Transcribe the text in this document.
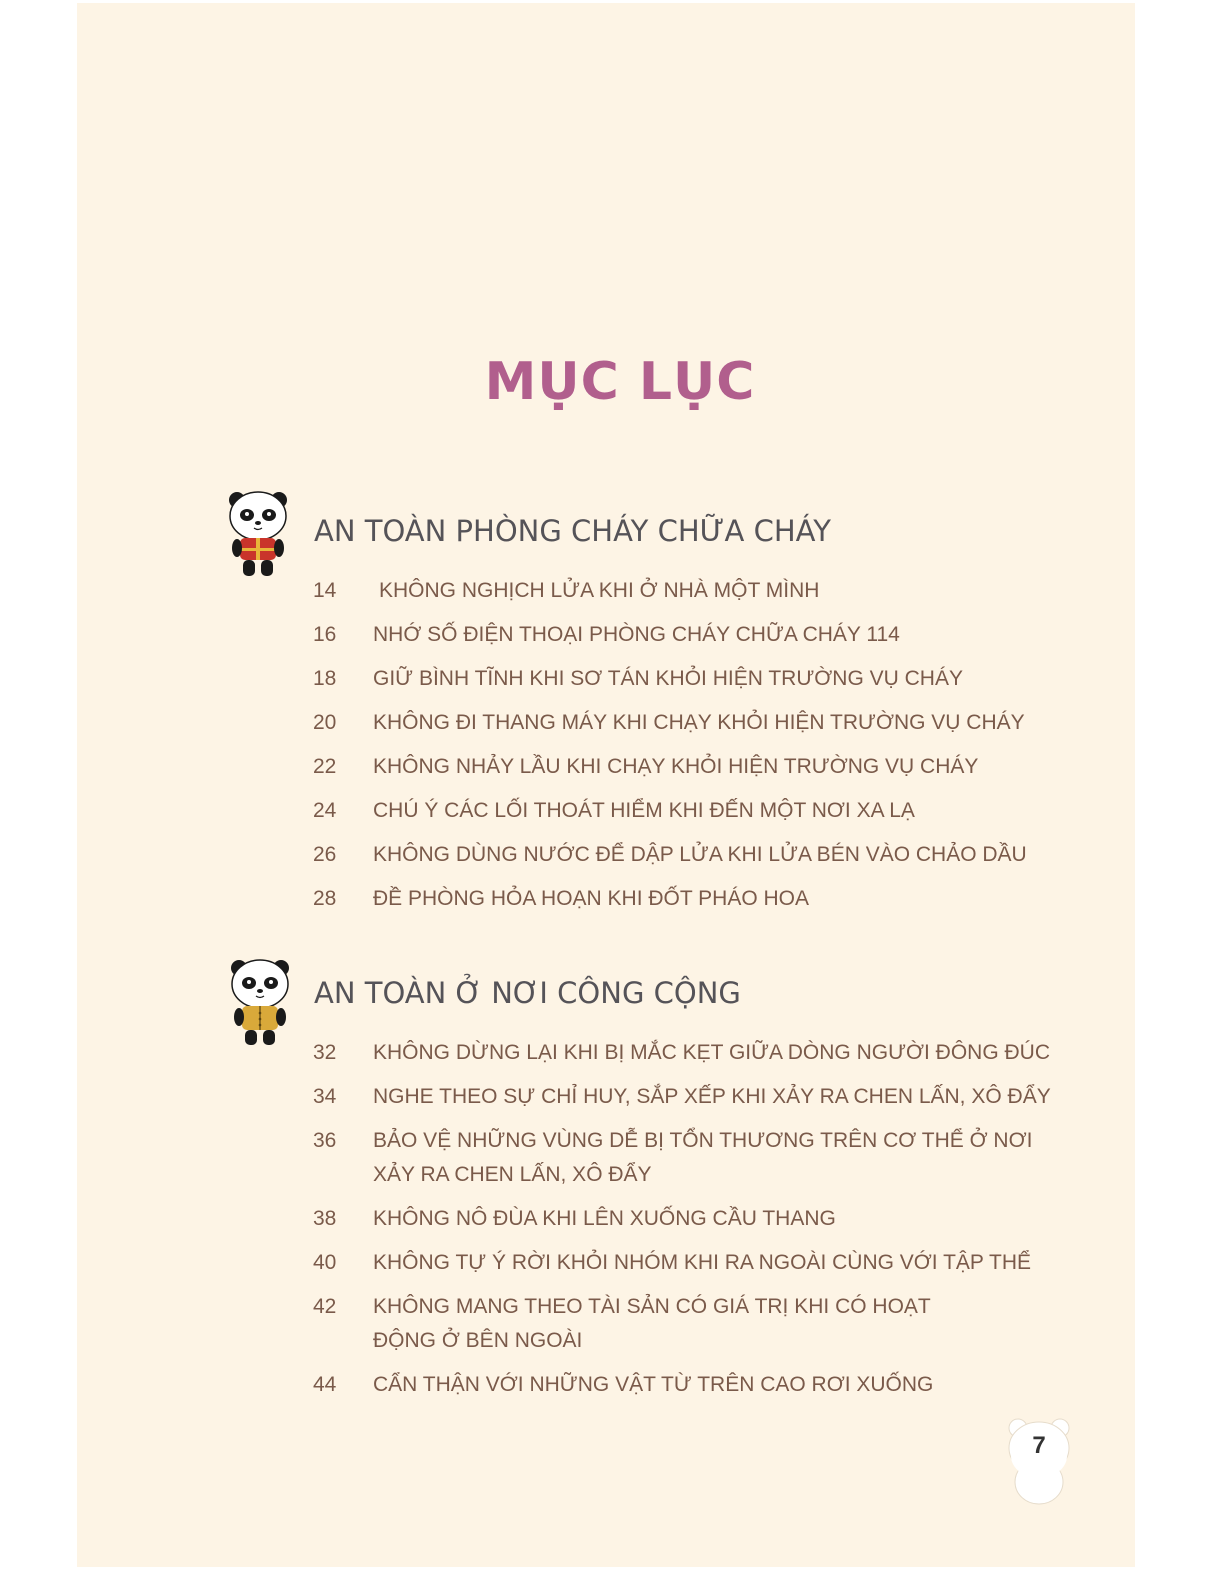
MỤC LỤC
AN TOÀN PHÒNG CHÁY CHỮA CHÁY
14	KHÔNG NGHỊCH LỬA KHI Ở NHÀ MỘT MÌNH
16	NHỚ SỐ ĐIỆN THOẠI PHÒNG CHÁY CHỮA CHÁY 114
18	GIỮ BÌNH TĨNH KHI SƠ TÁN KHỎI HIỆN TRƯỜNG VỤ CHÁY
20	KHÔNG ĐI THANG MÁY KHI CHẠY KHỎI HIỆN TRƯỜNG VỤ CHÁY
22	KHÔNG NHẢY LẦU KHI CHẠY KHỎI HIỆN TRƯỜNG VỤ CHÁY
24	CHÚ Ý CÁC LỐI THOÁT HIỂM KHI ĐẾN MỘT NƠI XA LẠ
26	KHÔNG DÙNG NƯỚC ĐỂ DẬP LỬA KHI LỬA BÉN VÀO CHẢO DẦU
28	ĐỀ PHÒNG HỎA HOẠN KHI ĐỐT PHÁO HOA
AN TOÀN Ở NƠI CÔNG CỘNG
32	KHÔNG DỪNG LẠI KHI BỊ MẮC KẸT GIỮA DÒNG NGƯỜI ĐÔNG ĐÚC
34	NGHE THEO SỰ CHỈ HUY, SẮP XẾP KHI XẢY RA CHEN LẤN, XÔ ĐẨY
36	BẢO VỆ NHỮNG VÙNG DỄ BỊ TỔN THƯƠNG TRÊN CƠ THỂ Ở NƠI XẢY RA CHEN LẤN, XÔ ĐẨY
38	KHÔNG NÔ ĐÙA KHI LÊN XUỐNG CẦU THANG
40	KHÔNG TỰ Ý RỜI KHỎI NHÓM KHI RA NGOÀI CÙNG VỚI TẬP THỂ
42	KHÔNG MANG THEO TÀI SẢN CÓ GIÁ TRỊ KHI CÓ HOẠT ĐỘNG Ở BÊN NGOÀI
44	CẨN THẬN VỚI NHỮNG VẬT TỪ TRÊN CAO RƠI XUỐNG
7
